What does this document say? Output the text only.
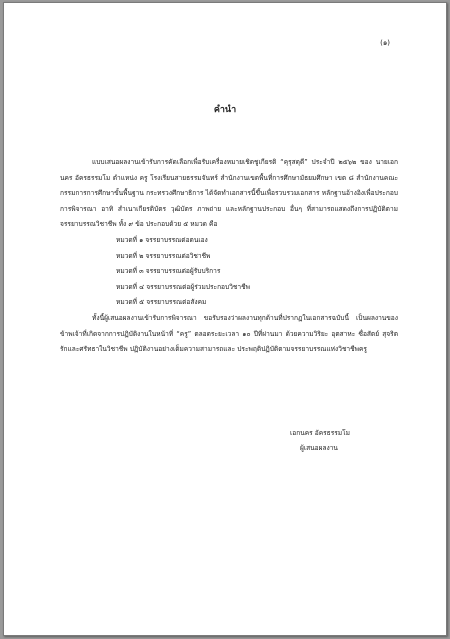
(๑)
คำนำ

แบบเสนอผลงานเข้ารับการคัดเลือกเพื่อรับเครื่องหมายเชิดชูเกียรติ “คุรุสดุดี” ประจำปี ๒๕๖๒ ของ นายเอกนคร อัครธรรมโม ตำแหน่ง ครู โรงเรียนสายธรรมจันทร์ สำนักงานเขตพื้นที่การศึกษามัธยมศึกษา เขต ๘ สำนักงานคณะกรรมการการศึกษาขั้นพื้นฐาน กระทรวงศึกษาธิการ ได้จัดทำเอกสารนี้ขึ้นเพื่อรวบรวมเอกสาร หลักฐานอ้างอิงเพื่อประกอบการพิจารณา อาทิ สำเนาเกียรติบัตร วุฒิบัตร ภาพถ่าย และหลักฐานประกอบ อื่นๆ ที่สามารถแสดงถึงการปฏิบัติตามจรรยาบรรณวิชาชีพ ทั้ง ๙ ข้อ ประกอบด้วย ๕ หมวด คือ

หมวดที่ ๑ จรรยาบรรณต่อตนเอง
หมวดที่ ๒ จรรยาบรรณต่อวิชาชีพ
หมวดที่ ๓ จรรยาบรรณต่อผู้รับบริการ
หมวดที่ ๔ จรรยาบรรณต่อผู้ร่วมประกอบวิชาชีพ
หมวดที่ ๕ จรรยาบรรณต่อสังคม

ทั้งนี้ผู้เสนอผลงานเข้ารับการพิจารณา ขอรับรองว่าผลงานทุกด้านที่ปรากฏในเอกสารฉบับนี้ เป็นผลงานของข้าพเจ้าที่เกิดจากการปฏิบัติงานในหน้าที่ “ครู” ตลอดระยะเวลา ๑๐ ปีที่ผ่านมา ด้วยความวิริยะ อุตสาหะ ซื่อสัตย์ สุจริต รักและศรัทธาในวิชาชีพ ปฏิบัติงานอย่างเต็มความสามารถและ ประพฤติปฏิบัติตามจรรยาบรรณแห่งวิชาชีพครู

เอกนคร อัครธรรมโม
ผู้เสนอผลงาน
